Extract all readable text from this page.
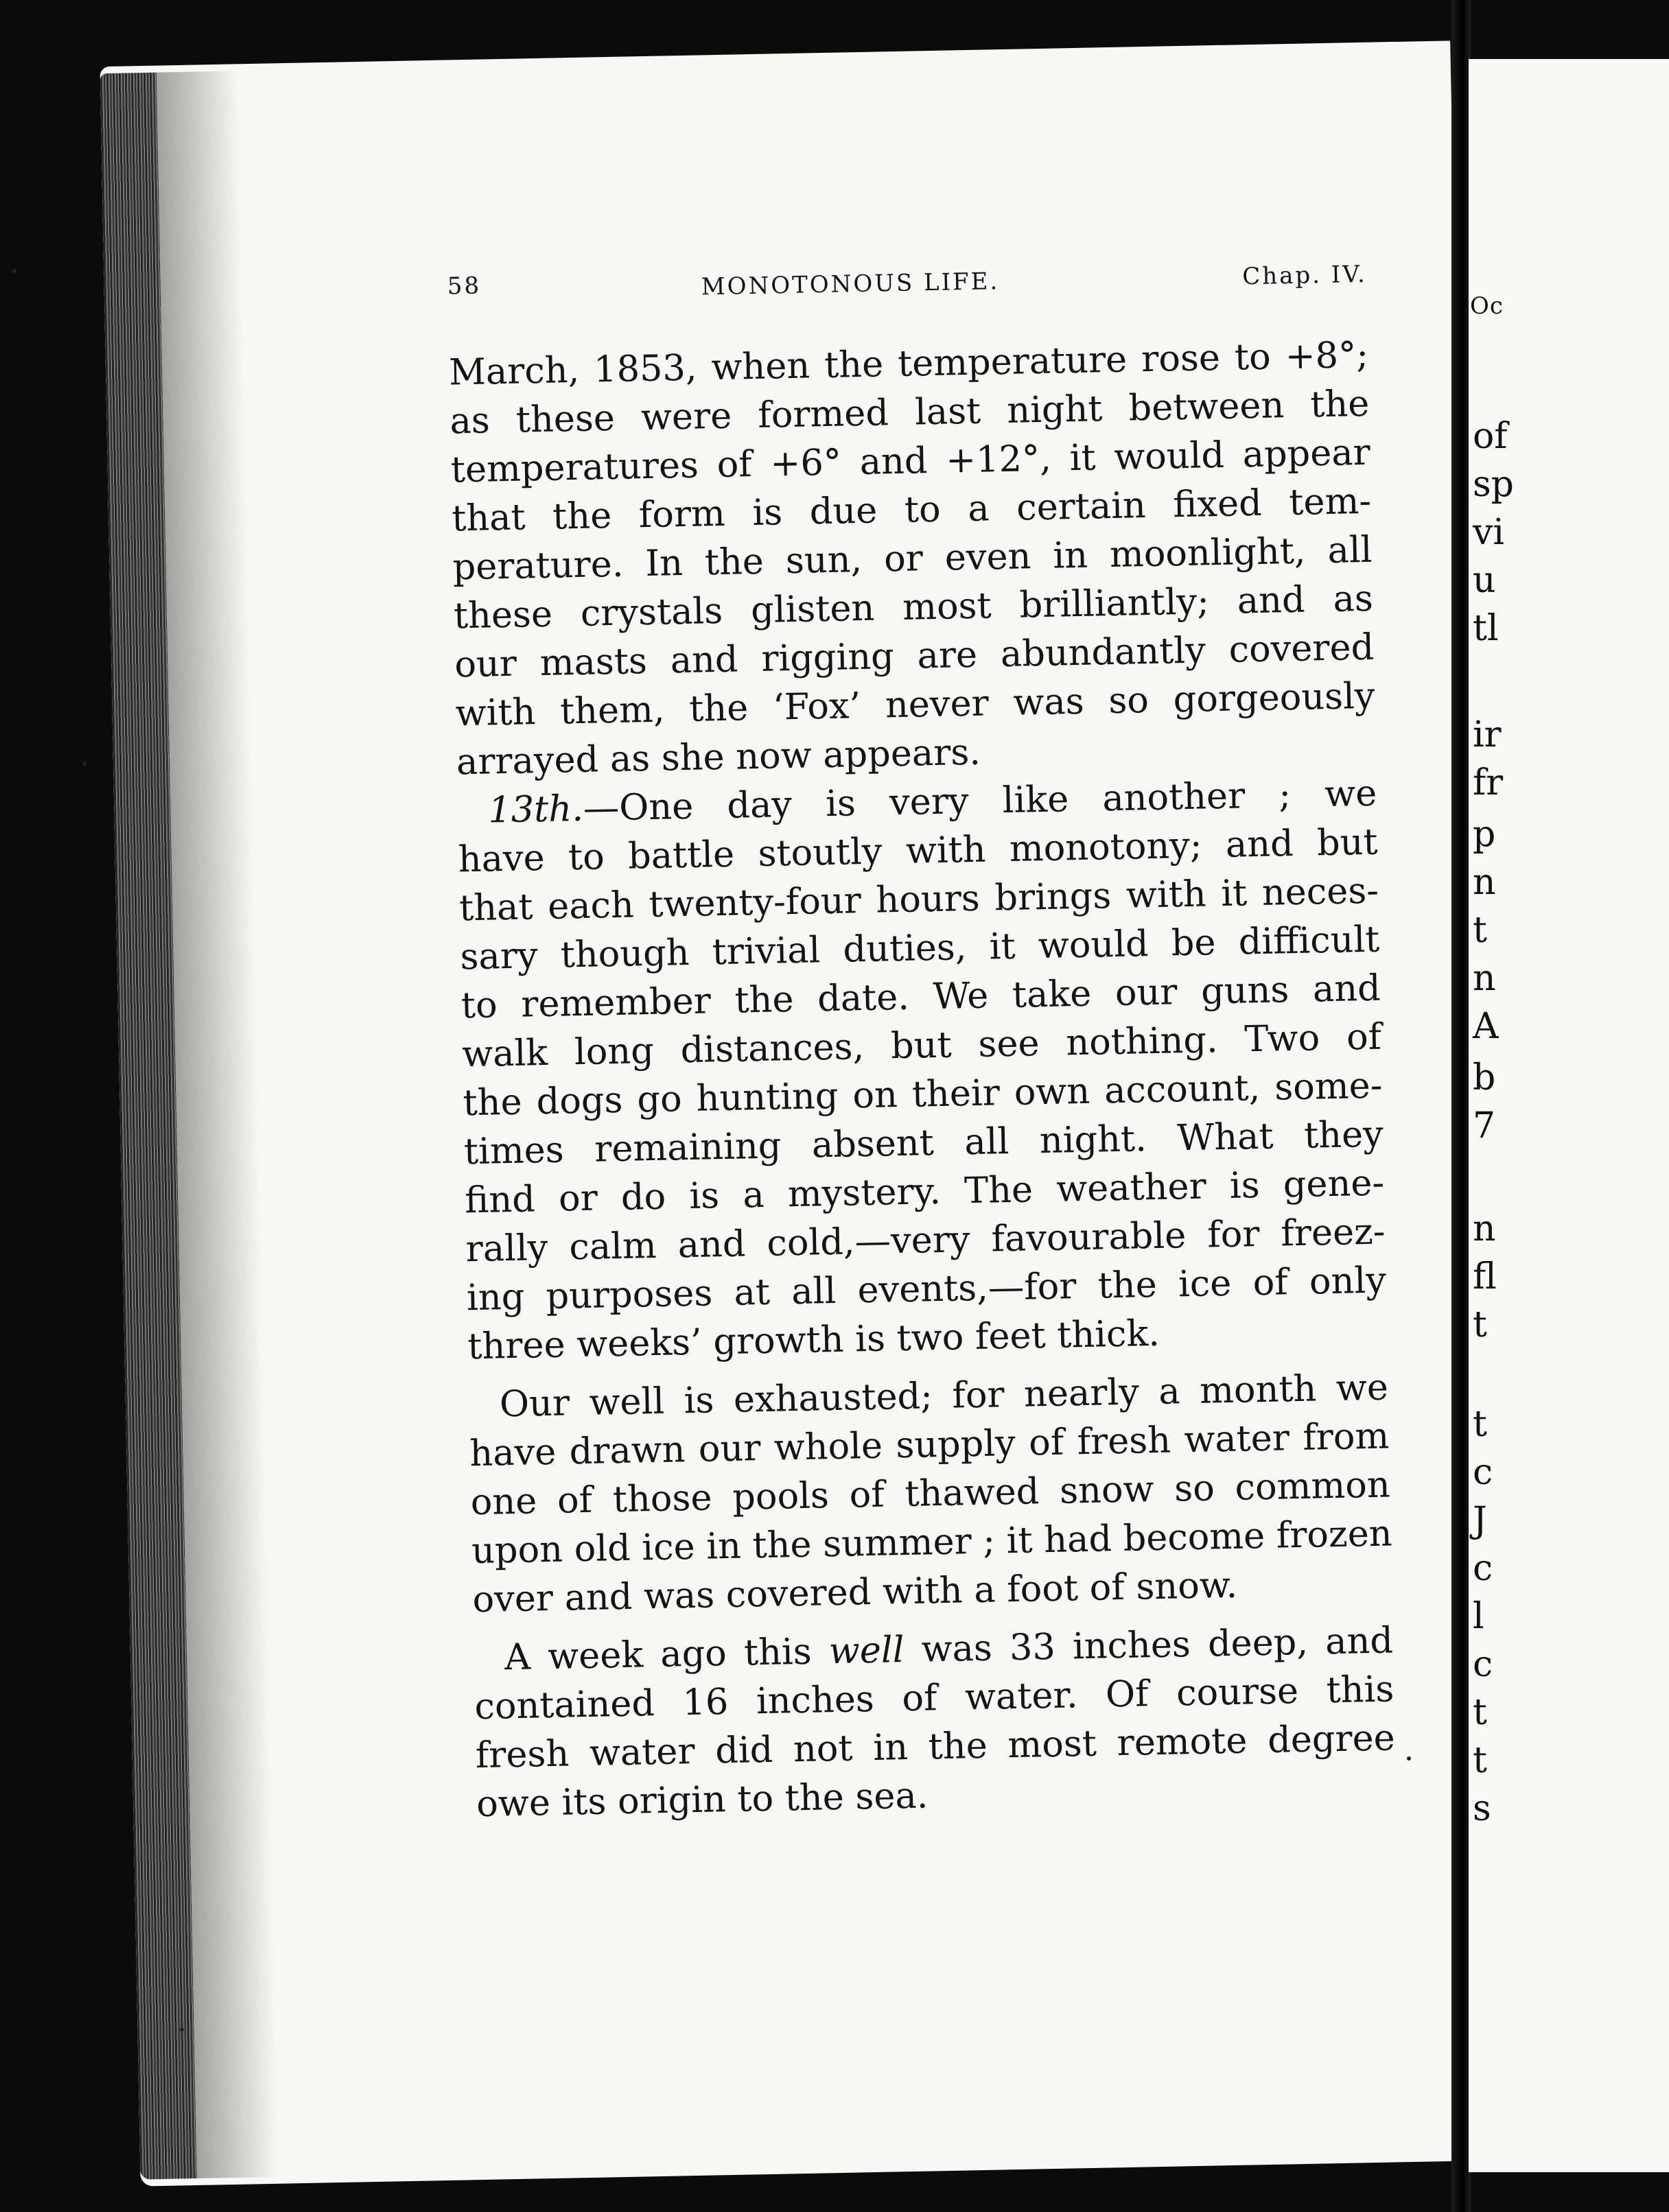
58	MONOTONOUS LIFE.	Chap. IV.
March, 1853, when the temperature rose to +8°;
as these were formed last night between the
temperatures of +6° and +12°, it would appear
that the form is due to a certain fixed tem-
perature. In the sun, or even in moonlight, all
these crystals glisten most brilliantly; and as
our masts and rigging are abundantly covered
with them, the ‘Fox’ never was so gorgeously
arrayed as she now appears.
13th.—One day is very like another ; we
have to battle stoutly with monotony; and but
that each twenty-four hours brings with it neces-
sary though trivial duties, it would be difficult
to remember the date. We take our guns and
walk long distances, but see nothing. Two of
the dogs go hunting on their own account, some-
times remaining absent all night. What they
find or do is a mystery. The weather is gene-
rally calm and cold,—very favourable for freez-
ing purposes at all events,—for the ice of only
three weeks’ growth is two feet thick.
Our well is exhausted; for nearly a month we
have drawn our whole supply of fresh water from
one of those pools of thawed snow so common
upon old ice in the summer ; it had become frozen
over and was covered with a foot of snow.
A week ago this well was 33 inches deep, and
contained 16 inches of water. Of course this
fresh water did not in the most remote degree
owe its origin to the sea.
Oc
of
sp
vi
u
tl
ir
fr
p
n
t
n
A
b
7
n
fl
t
t
c
J
c
l
c
t
t
s
